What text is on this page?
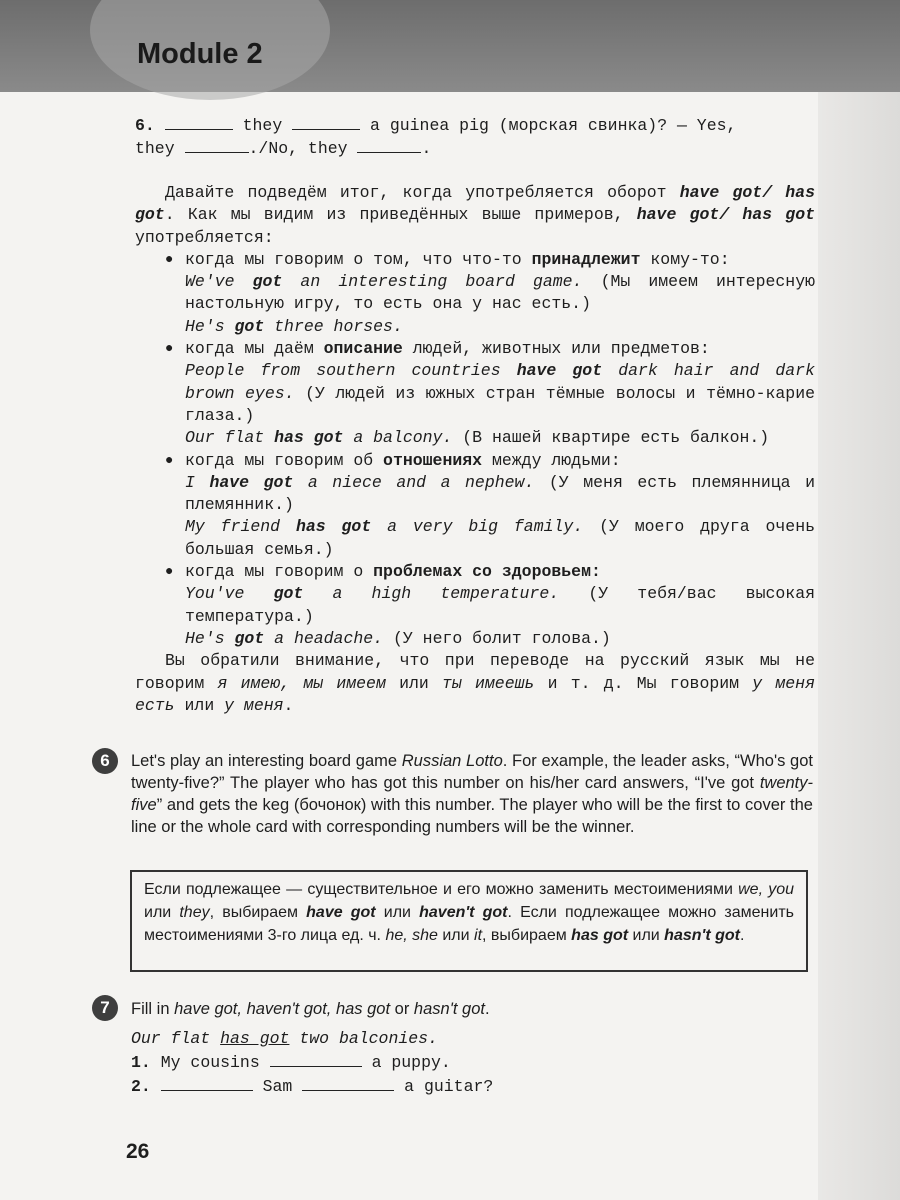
Module 2
6.	they	a guinea pig (морская свинка)? — Yes,
they	./No, they	.
Давайте подведём итог, когда употребляется оборот have got/ has got. Как мы видим из приведённых выше примеров, have got/ has got употребляется:
● когда мы говорим о том, что что-то принадлежит кому-то:

We've got an interesting board game. (Мы имеем интересную настольную игру, то есть она у нас есть.)

He's got three horses.

● когда мы даём описание людей, животных или предметов:

People from southern countries have got dark hair and dark brown eyes. (У людей из южных стран тёмные волосы и тёмно-карие глаза.)

Our flat has got a balcony. (В нашей квартире есть балкон.)

● когда мы говорим об отношениях между людьми:

I have got a niece and a nephew. (У меня есть племянница и племянник.)

My friend has got a very big family. (У моего друга очень большая семья.)

● когда мы говорим о проблемах со здоровьем:

You've got a high temperature. (У тебя/вас высокая температура.)

He's got a headache. (У него болит голова.)

Вы обратили внимание, что при переводе на русский язык мы не говорим я имею, мы имеем или ты имеешь и т. д. Мы говорим у меня есть или у меня.
6	Let's play an interesting board game Russian Lotto. For example, the leader asks, “Who's got twenty-five?” The player who has got this number on his/her card answers, “I've got twenty-five” and gets the keg (бочонок) with this number. The player who will be the first to cover the line or the whole card with corresponding numbers will be the winner.
Если подлежащее — существительное и его можно заменить местоимениями we, you или they, выбираем have got или haven't got. Если подлежащее можно заменить местоимениями 3-го лица ед. ч. he, she или it, выбираем has got или hasn't got.
7	Fill in have got, haven't got, has got or hasn't got.
Our flat has got two balconies.
1. My cousins	a puppy.
2.	Sam	a guitar?
26
